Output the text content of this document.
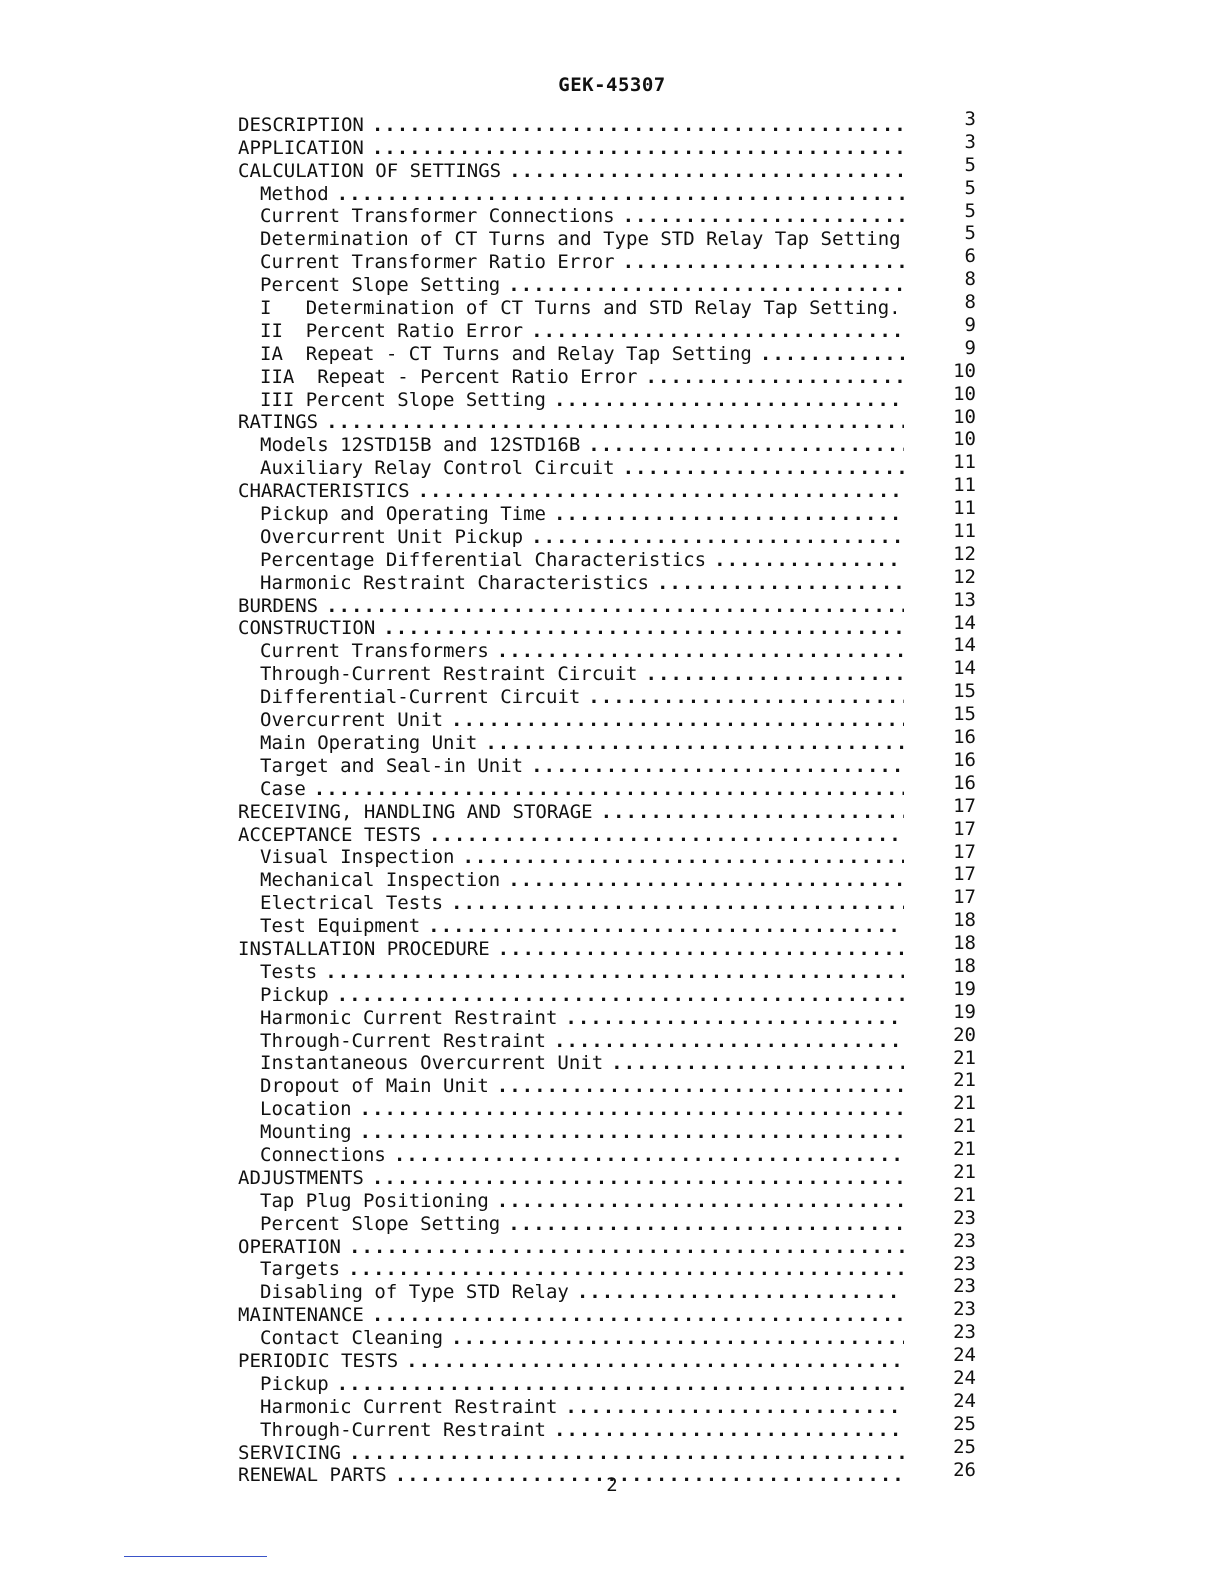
GEK-45307
DESCRIPTION .....	3
APPLICATION .....	3
CALCULATION OF SETTINGS .....	5
Method .....	5
Current Transformer Connections .....	5
Determination of CT Turns and Type STD Relay Tap Setting	5
Current Transformer Ratio Error .....	6
Percent Slope Setting .....	8
I   Determination of CT Turns and STD Relay Tap Setting.	8
II  Percent Ratio Error .....	9
IA  Repeat - CT Turns and Relay Tap Setting .....	9
IIA  Repeat - Percent Ratio Error .....	10
III Percent Slope Setting .....	10
RATINGS .....	10
Models 12STD15B and 12STD16B .....	10
Auxiliary Relay Control Circuit .....	11
CHARACTERISTICS .....	11
Pickup and Operating Time .....	11
Overcurrent Unit Pickup .....	11
Percentage Differential Characteristics .....	12
Harmonic Restraint Characteristics .....	12
BURDENS .....	13
CONSTRUCTION .....	14
Current Transformers .....	14
Through-Current Restraint Circuit .....	14
Differential-Current Circuit .....	15
Overcurrent Unit .....	15
Main Operating Unit .....	16
Target and Seal-in Unit .....	16
Case .....	16
RECEIVING, HANDLING AND STORAGE .....	17
ACCEPTANCE TESTS .....	17
Visual Inspection .....	17
Mechanical Inspection .....	17
Electrical Tests .....	17
Test Equipment .....	18
INSTALLATION PROCEDURE .....	18
Tests .....	18
Pickup .....	19
Harmonic Current Restraint .....	19
Through-Current Restraint .....	20
Instantaneous Overcurrent Unit .....	21
Dropout of Main Unit .....	21
Location .....	21
Mounting .....	21
Connections .....	21
ADJUSTMENTS .....	21
Tap Plug Positioning .....	21
Percent Slope Setting .....	23
OPERATION .....	23
Targets .....	23
Disabling of Type STD Relay .....	23
MAINTENANCE .....	23
Contact Cleaning .....	23
PERIODIC TESTS .....	24
Pickup .....	24
Harmonic Current Restraint .....	24
Through-Current Restraint .....	25
SERVICING .....	25
RENEWAL PARTS .....	26
2
